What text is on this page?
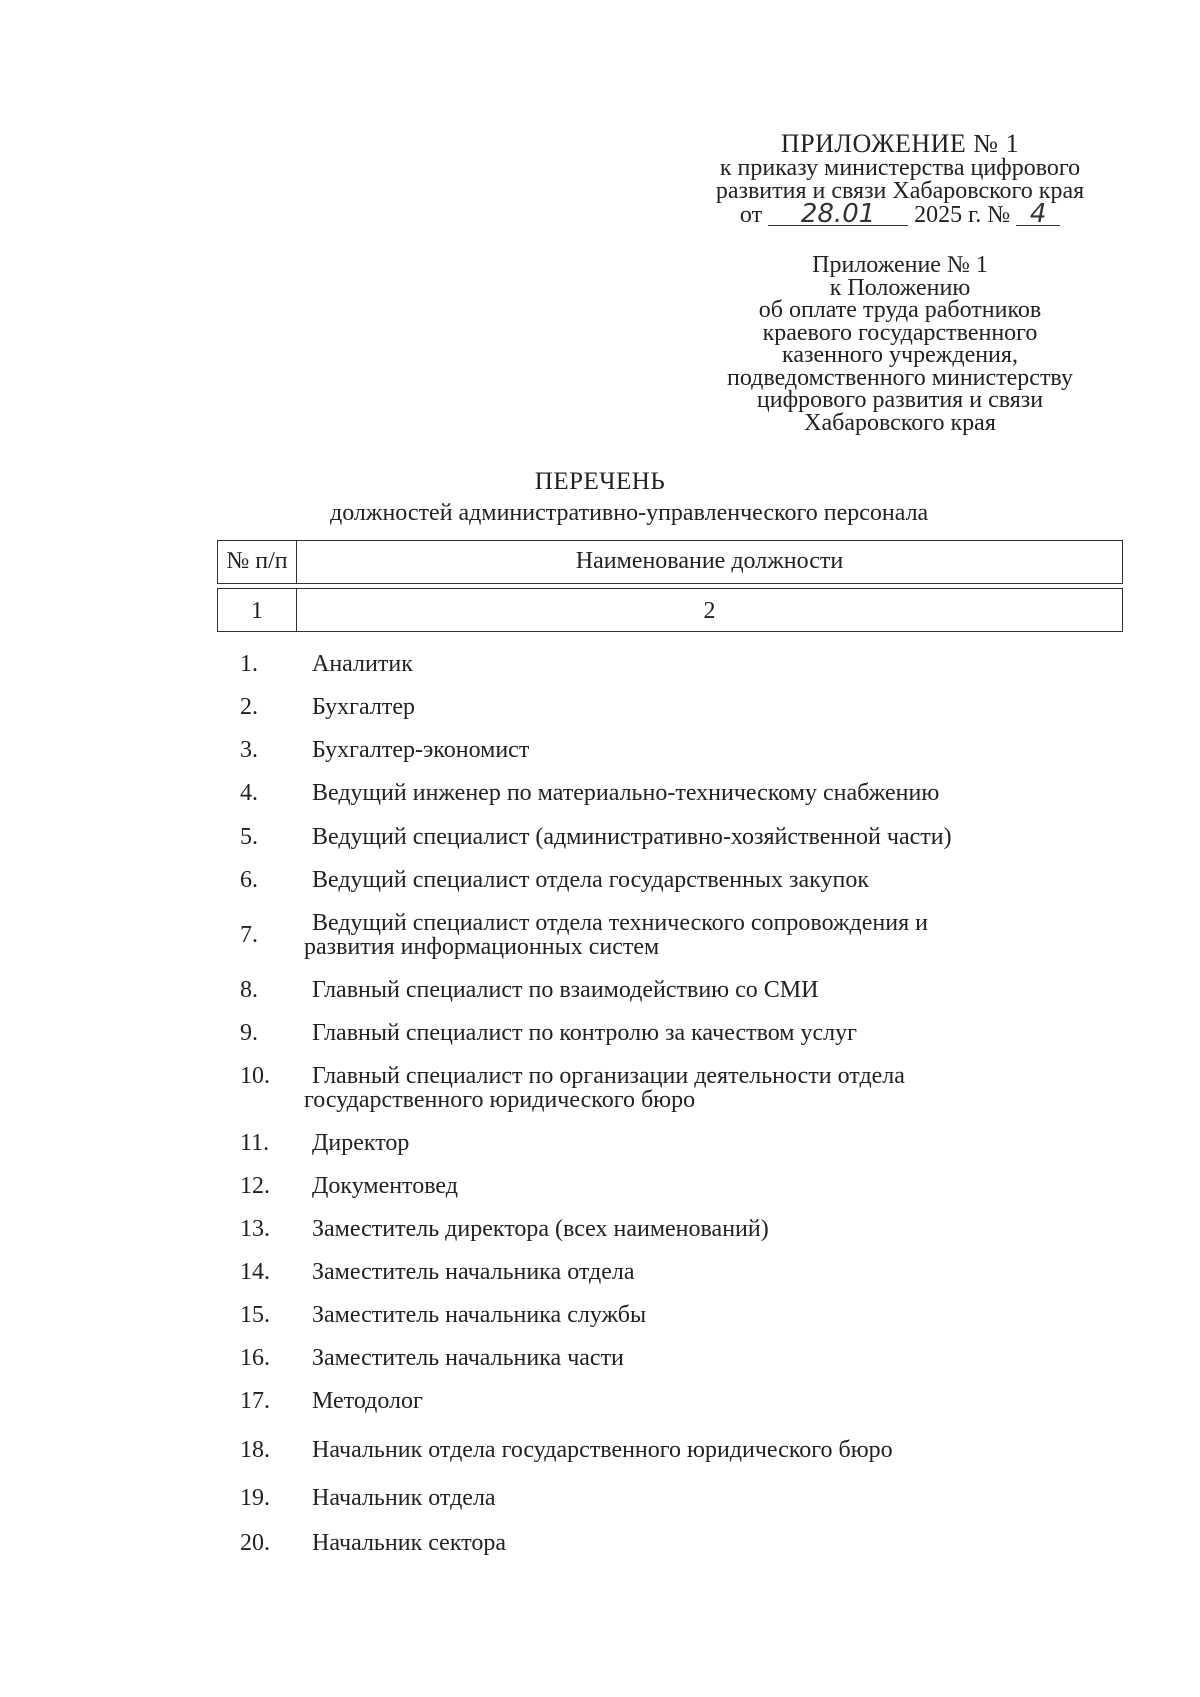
ПРИЛОЖЕНИЕ № 1
к приказу министерства цифрового
развития и связи Хабаровского края
от 28.01 2025 г. № 4
Приложение № 1
к Положению
об оплате труда работников
краевого государственного
казенного учреждения,
подведомственного министерству
цифрового развития и связи
Хабаровского края
ПЕРЕЧЕНЬ
должностей административно-управленческого персонала
№ п/п	Наименование должности
1	2
1.	Аналитик
2.	Бухгалтер
3.	Бухгалтер-экономист
4.	Ведущий инженер по материально-техническому снабжению
5.	Ведущий специалист (административно-хозяйственной части)
6.	Ведущий специалист отдела государственных закупок
7.	Ведущий специалист отдела технического сопровождения и
развития информационных систем
8.	Главный специалист по взаимодействию со СМИ
9.	Главный специалист по контролю за качеством услуг
10.	Главный специалист по организации деятельности отдела
государственного юридического бюро
11.	Директор
12.	Документовед
13.	Заместитель директора (всех наименований)
14.	Заместитель начальника отдела
15.	Заместитель начальника службы
16.	Заместитель начальника части
17.	Методолог
18.	Начальник отдела государственного юридического бюро
19.	Начальник отдела
20.	Начальник сектора
